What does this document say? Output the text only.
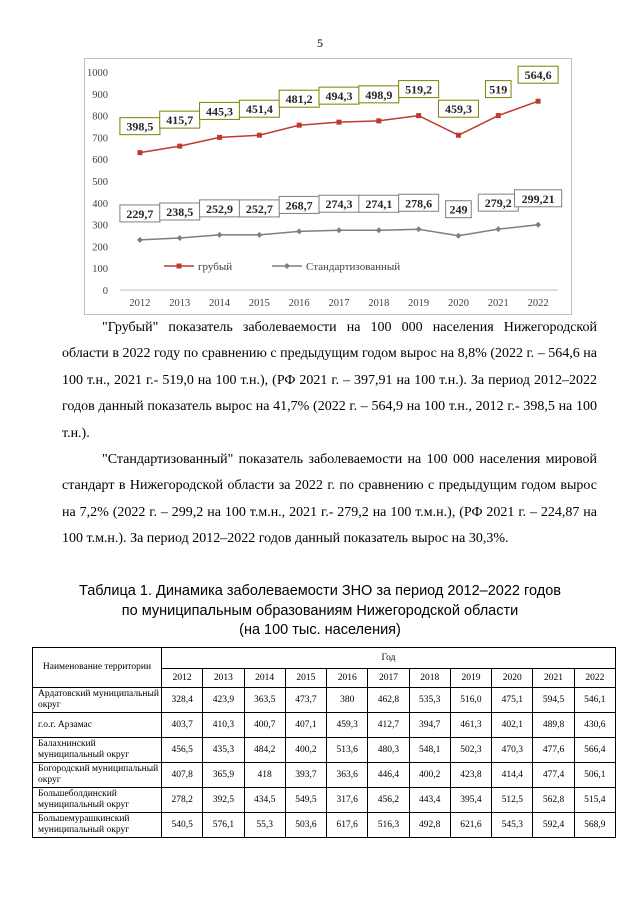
5
0
100
200
300
400
500
600
700
800
900
1000
2012 2013 2014 2015 2016 2017 2018 2019 2020 2021 2022
398,5 415,7
445,3 451,4
481,2 494,3 498,9 519,2
459,3
519
564,6
229,7 238,5 252,9 252,7 268,7 274,3 274,1 278,6 249 279,2 299,21
грубый	Стандартизованный

"Грубый" показатель заболеваемости на 100 000 населения Нижегородской области в 2022 году по сравнению с предыдущим годом вырос на 8,8% (2022 г. – 564,6 на 100 т.н., 2021 г.- 519,0 на 100 т.н.), (РФ 2021 г. – 397,91 на 100 т.н.). За период 2012–2022 годов данный показатель вырос на 41,7% (2022 г. – 564,9 на 100 т.н., 2012 г.- 398,5 на 100 т.н.).

"Стандартизованный" показатель заболеваемости на 100 000 населения мировой стандарт в Нижегородской области за 2022 г. по сравнению с предыдущим годом вырос на 7,2% (2022 г. – 299,2 на 100 т.м.н., 2021 г.- 279,2 на 100 т.м.н.), (РФ 2021 г. – 224,87 на 100 т.м.н.). За период 2012–2022 годов данный показатель вырос на 30,3%.

Таблица 1. Динамика заболеваемости ЗНО за период 2012–2022 годов
по муниципальным образованиям Нижегородской области
(на 100 тыс. населения)
Наименование территории	Год										
	2012	2013	2014	2015	2016	2017	2018	2019	2020	2021	2022
Ардатовский муниципальный округ	328,4	423,9	363,5	473,7	380	462,8	535,3	516,0	475,1	594,5	546,1
г.о.г. Арзамас	403,7	410,3	400,7	407,1	459,3	412,7	394,7	461,3	402,1	489,8	430,6
Балахнинский муниципальный округ	456,5	435,3	484,2	400,2	513,6	480,3	548,1	502,3	470,3	477,6	566,4
Богородский муниципальный округ	407,8	365,9	418	393,7	363,6	446,4	400,2	423,8	414,4	477,4	506,1
Большеболдинский муниципальный округ	278,2	392,5	434,5	549,5	317,6	456,2	443,4	395,4	512,5	562,8	515,4
Большемурашкинский муниципальный округ	540,5	576,1	55,3	503,6	617,6	516,3	492,8	621,6	545,3	592,4	568,9
